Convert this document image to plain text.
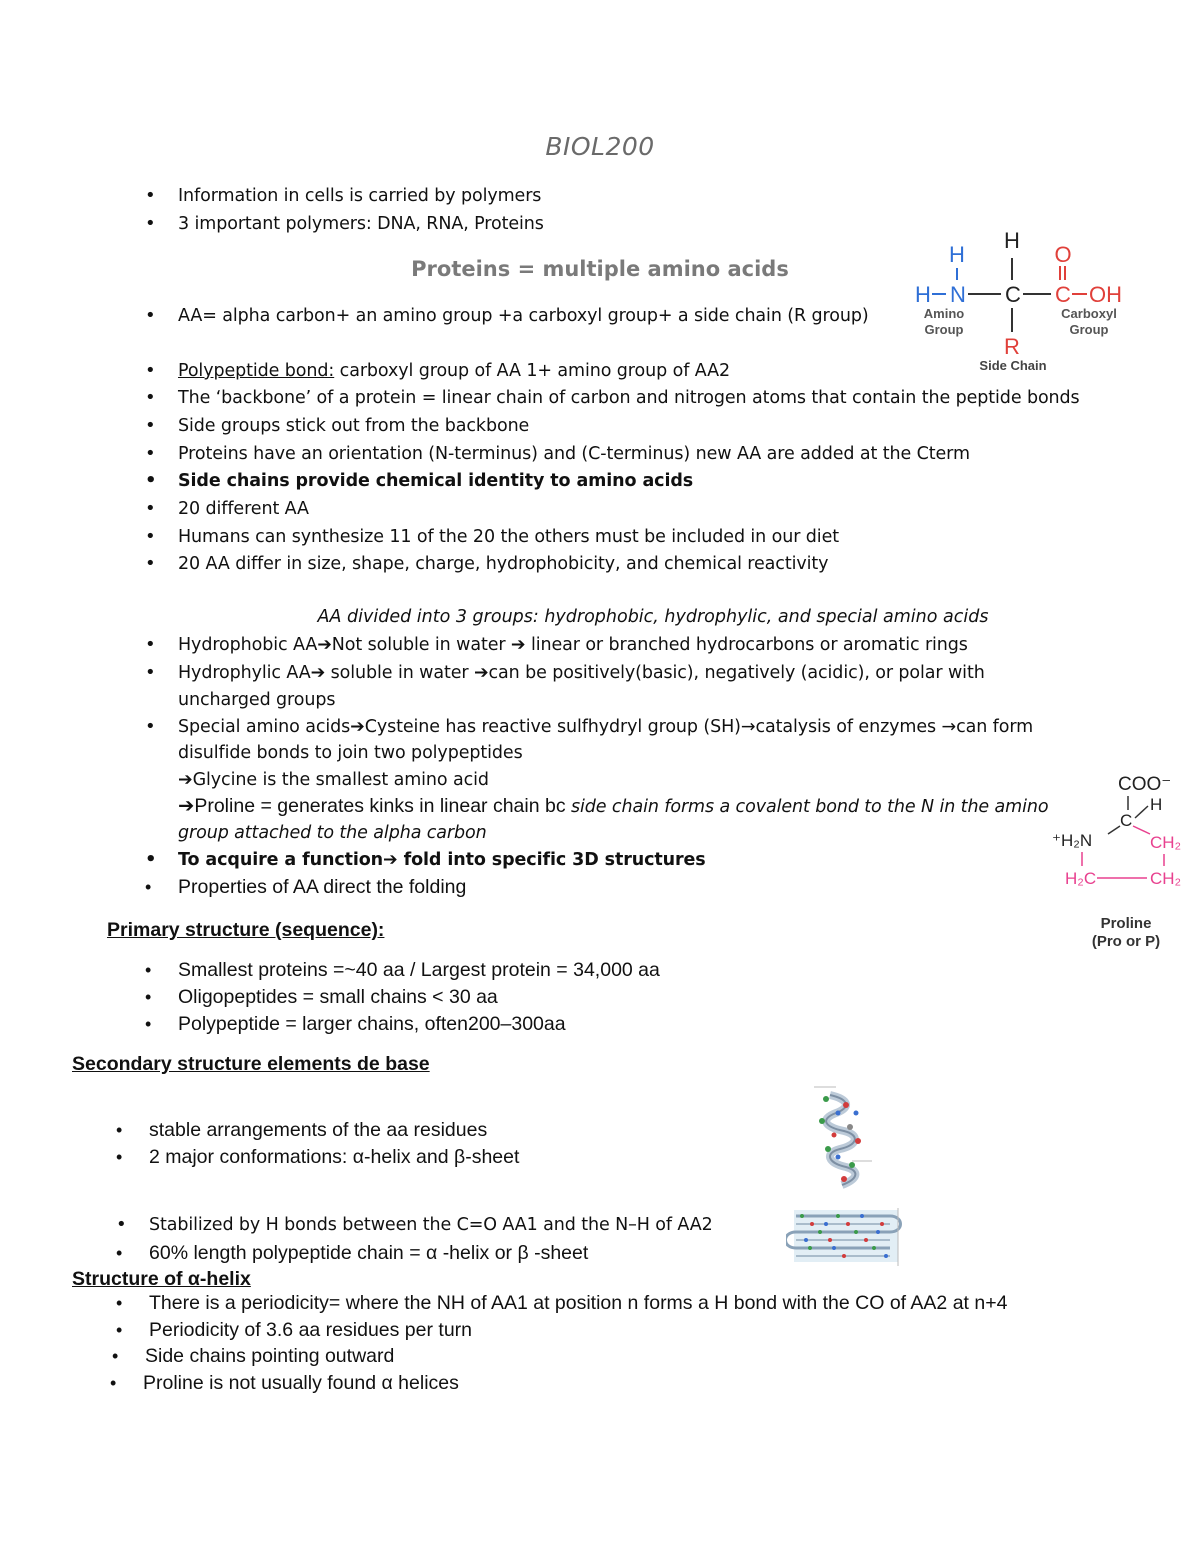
BIOL200
• Information in cells is carried by polymers
• 3 important polymers: DNA, RNA, Proteins
Proteins = multiple amino acids
• AA= alpha carbon+ an amino group +a carboxyl group+ a side chain (R group)
• Polypeptide bond: carboxyl group of AA 1+ amino group of AA2
• The ‘backbone’ of a protein = linear chain of carbon and nitrogen atoms that contain the peptide bonds
• Side groups stick out from the backbone
• Proteins have an orientation (N-terminus) and (C-terminus) new AA are added at the Cterm
• Side chains provide chemical identity to amino acids
• 20 different AA
• Humans can synthesize 11 of the 20 the others must be included in our diet
• 20 AA differ in size, shape, charge, hydrophobicity, and chemical reactivity
AA divided into 3 groups: hydrophobic, hydrophylic, and special amino acids
• Hydrophobic AA➔Not soluble in water ➔ linear or branched hydrocarbons or aromatic rings
• Hydrophylic AA➔ soluble in water ➔can be positively(basic), negatively (acidic), or polar with
uncharged groups
• Special amino acids➔Cysteine has reactive sulfhydryl group (SH)→catalysis of enzymes →can form
disulfide bonds to join two polypeptides
➔Glycine is the smallest amino acid
➔Proline = generates kinks in linear chain bc side chain forms a covalent bond to the N in the amino
group attached to the alpha carbon
• To acquire a function➔ fold into specific 3D structures
• Properties of AA direct the folding
Primary structure (sequence):
• Smallest proteins =~40 aa / Largest protein = 34,000 aa
• Oligopeptides = small chains < 30 aa
• Polypeptide = larger chains, often200–300aa
Secondary structure elements de base
• stable arrangements of the aa residues
• 2 major conformations: α-helix and β-sheet
• Stabilized by H bonds between the C=O AA1 and the N–H of AA2
• 60% length polypeptide chain = α -helix or β -sheet
Structure of α-helix
• There is a periodicity= where the NH of AA1 at position n forms a H bond with the CO of AA2 at n+4
• Periodicity of 3.6 aa residues per turn
• Side chains pointing outward
• Proline is not usually found α helices
H
H N
H
C
O
C OH
Amino
Group
Carboxyl
Group
R
Side Chain
COO⁻
H
C
⁺H₂N	CH₂
H₂C	CH₂
Proline
(Pro or P)
